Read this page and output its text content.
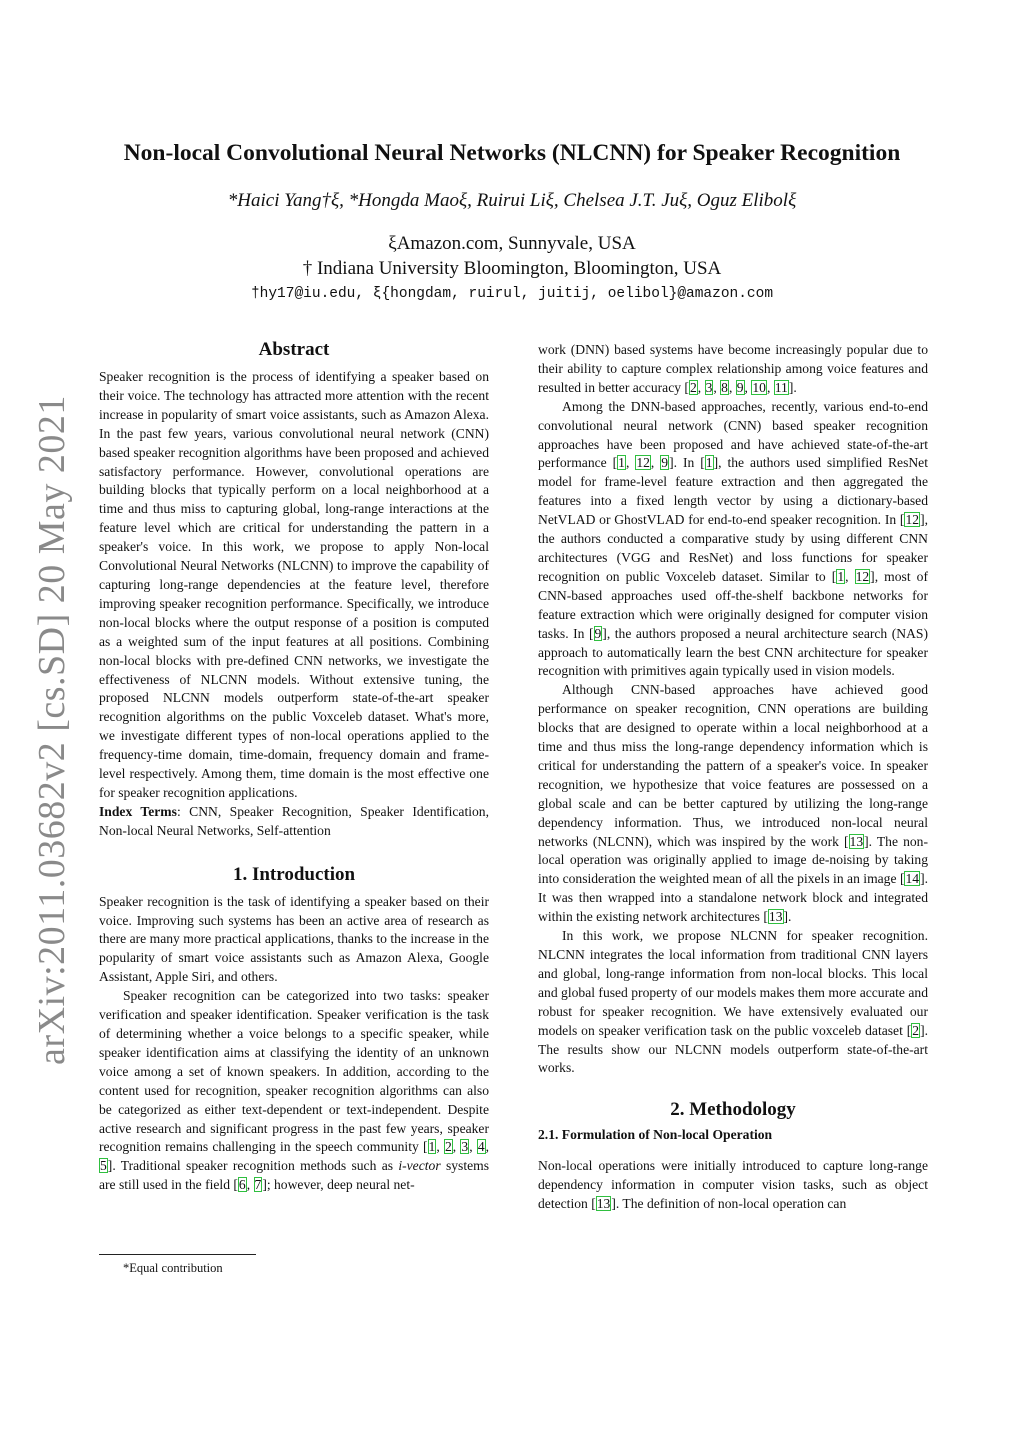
arXiv:2011.03682v2 [cs.SD] 20 May 2021
Non-local Convolutional Neural Networks (NLCNN) for Speaker Recognition
*Haici Yang†ξ, *Hongda Maoξ, Ruirui Liξ, Chelsea J.T. Juξ, Oguz Elibolξ
ξAmazon.com, Sunnyvale, USA
† Indiana University Bloomington, Bloomington, USA
†hy17@iu.edu, ξ{hongdam, ruirul, juitij, oelibol}@amazon.com
Abstract

Speaker recognition is the process of identifying a speaker based on their voice. The technology has attracted more attention with the recent increase in popularity of smart voice assistants, such as Amazon Alexa. In the past few years, various convolutional neural network (CNN) based speaker recognition algorithms have been proposed and achieved satisfactory performance. However, convolutional operations are building blocks that typically perform on a local neighborhood at a time and thus miss to capturing global, long-range interactions at the feature level which are critical for understanding the pattern in a speaker's voice. In this work, we propose to apply Non-local Convolutional Neural Networks (NLCNN) to improve the capability of capturing long-range dependencies at the feature level, therefore improving speaker recognition performance. Specifically, we introduce non-local blocks where the output response of a position is computed as a weighted sum of the input features at all positions. Combining non-local blocks with pre-defined CNN networks, we investigate the effectiveness of NLCNN models. Without extensive tuning, the proposed NLCNN models outperform state-of-the-art speaker recognition algorithms on the public Voxceleb dataset. What's more, we investigate different types of non-local operations applied to the frequency-time domain, time-domain, frequency domain and frame-level respectively. Among them, time domain is the most effective one for speaker recognition applications.

Index Terms: CNN, Speaker Recognition, Speaker Identification, Non-local Neural Networks, Self-attention

1. Introduction

Speaker recognition is the task of identifying a speaker based on their voice. Improving such systems has been an active area of research as there are many more practical applications, thanks to the increase in the popularity of smart voice assistants such as Amazon Alexa, Google Assistant, Apple Siri, and others.

Speaker recognition can be categorized into two tasks: speaker verification and speaker identification. Speaker verification is the task of determining whether a voice belongs to a specific speaker, while speaker identification aims at classifying the identity of an unknown voice among a set of known speakers. In addition, according to the content used for recognition, speaker recognition algorithms can also be categorized as either text-dependent or text-independent. Despite active research and significant progress in the past few years, speaker recognition remains challenging in the speech community [1, 2, 3, 4, 5]. Traditional speaker recognition methods such as i-vector systems are still used in the field [6, 7]; however, deep neural net-

*Equal contribution

work (DNN) based systems have become increasingly popular due to their ability to capture complex relationship among voice features and resulted in better accuracy [2, 3, 8, 9, 10, 11].

Among the DNN-based approaches, recently, various end-to-end convolutional neural network (CNN) based speaker recognition approaches have been proposed and have achieved state-of-the-art performance [1, 12, 9]. In [1], the authors used simplified ResNet model for frame-level feature extraction and then aggregated the features into a fixed length vector by using a dictionary-based NetVLAD or GhostVLAD for end-to-end speaker recognition. In [12], the authors conducted a comparative study by using different CNN architectures (VGG and ResNet) and loss functions for speaker recognition on public Voxceleb dataset. Similar to [1, 12], most of CNN-based approaches used off-the-shelf backbone networks for feature extraction which were originally designed for computer vision tasks. In [9], the authors proposed a neural architecture search (NAS) approach to automatically learn the best CNN architecture for speaker recognition with primitives again typically used in vision models.

Although CNN-based approaches have achieved good performance on speaker recognition, CNN operations are building blocks that are designed to operate within a local neighborhood at a time and thus miss the long-range dependency information which is critical for understanding the pattern of a speaker's voice. In speaker recognition, we hypothesize that voice features are possessed on a global scale and can be better captured by utilizing the long-range dependency information. Thus, we introduced non-local neural networks (NLCNN), which was inspired by the work [13]. The non-local operation was originally applied to image de-noising by taking into consideration the weighted mean of all the pixels in an image [14]. It was then wrapped into a standalone network block and integrated within the existing network architectures [13].

In this work, we propose NLCNN for speaker recognition. NLCNN integrates the local information from traditional CNN layers and global, long-range information from non-local blocks. This local and global fused property of our models makes them more accurate and robust for speaker recognition. We have extensively evaluated our models on speaker verification task on the public voxceleb dataset [2]. The results show our NLCNN models outperform state-of-the-art works.

2. Methodology
2.1. Formulation of Non-local Operation

Non-local operations were initially introduced to capture long-range dependency information in computer vision tasks, such as object detection [13]. The definition of non-local operation can
